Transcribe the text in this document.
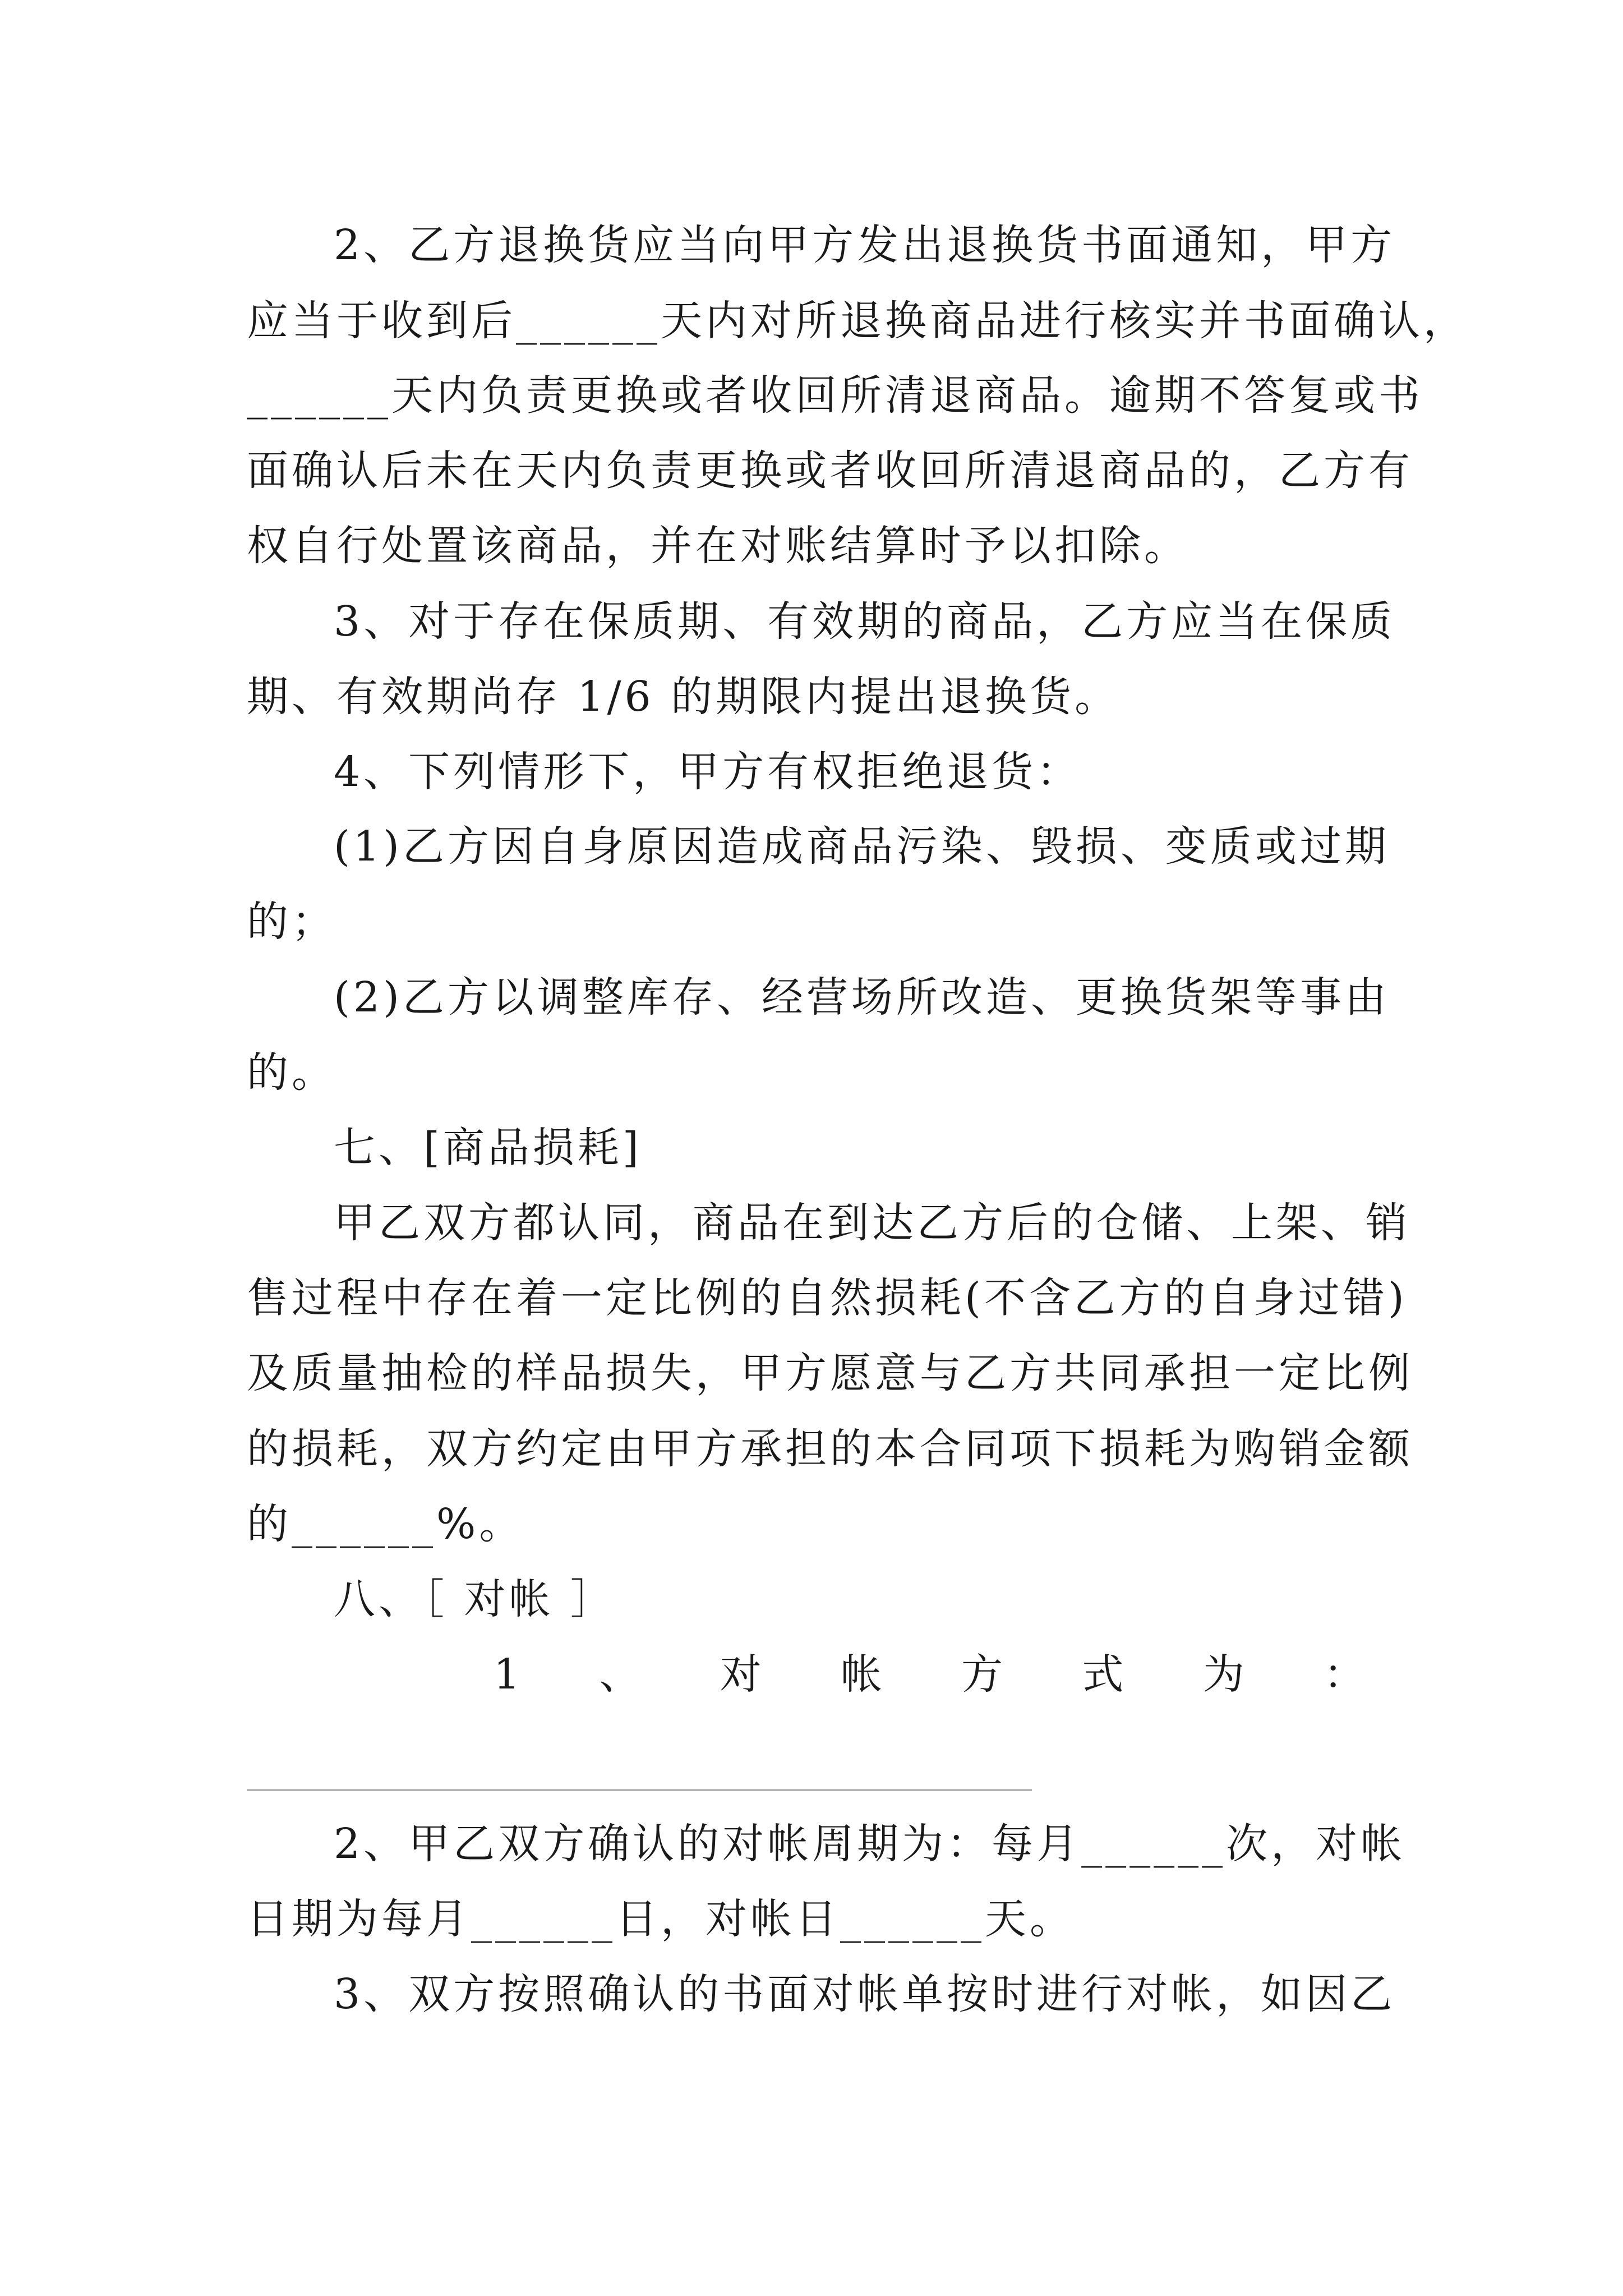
2、乙方退换货应当向甲方发出退换货书面通知，甲方
应当于收到后______天内对所退换商品进行核实并书面确认，
______天内负责更换或者收回所清退商品。逾期不答复或书
面确认后未在天内负责更换或者收回所清退商品的，乙方有
权自行处置该商品，并在对账结算时予以扣除。
3、对于存在保质期、有效期的商品，乙方应当在保质
期、有效期尚存 1/6 的期限内提出退换货。
4、下列情形下，甲方有权拒绝退货：
(1)乙方因自身原因造成商品污染、毁损、变质或过期
的；
(2)乙方以调整库存、经营场所改造、更换货架等事由
的。
七、[商品损耗]
甲乙双方都认同，商品在到达乙方后的仓储、上架、销
售过程中存在着一定比例的自然损耗(不含乙方的自身过错)
及质量抽检的样品损失，甲方愿意与乙方共同承担一定比例
的损耗，双方约定由甲方承担的本合同项下损耗为购销金额
的______%。
八、［ 对帐 ］
1 、 对 帐 方 式 为 ：
2、甲乙双方确认的对帐周期为：每月______次，对帐
日期为每月______日，对帐日______天。
3、双方按照确认的书面对帐单按时进行对帐，如因乙
